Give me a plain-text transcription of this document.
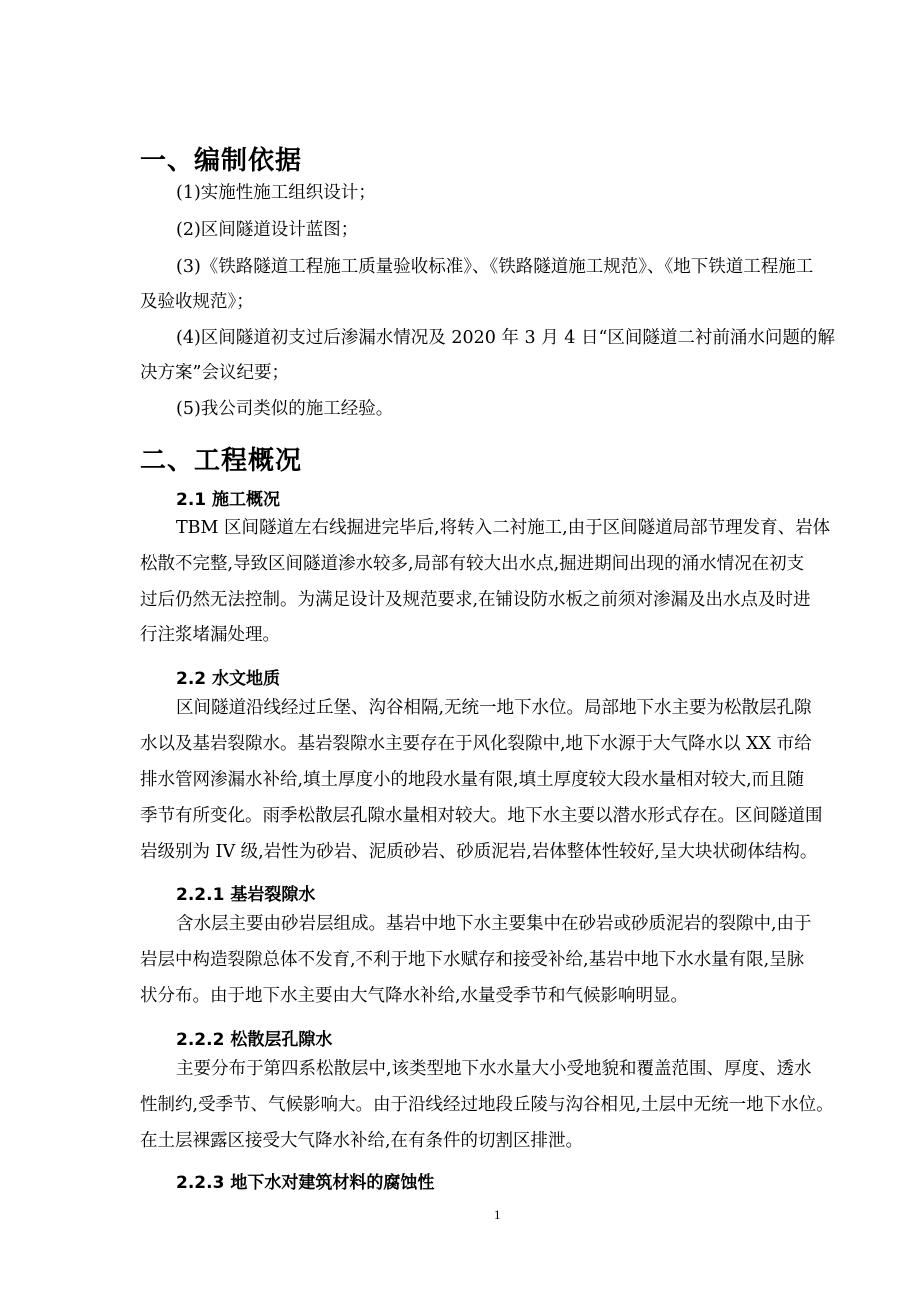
一、编制依据
(1)实施性施工组织设计；
(2)区间隧道设计蓝图；
(3)《铁路隧道工程施工质量验收标准》、《铁路隧道施工规范》、《地下铁道工程施工
及验收规范》；
(4)区间隧道初支过后渗漏水情况及 2020 年 3 月 4 日“区间隧道二衬前涌水问题的解
决方案”会议纪要；
(5)我公司类似的施工经验。
二、工程概况
2.1 施工概况
TBM 区间隧道左右线掘进完毕后,将转入二衬施工,由于区间隧道局部节理发育、岩体
松散不完整,导致区间隧道渗水较多,局部有较大出水点,掘进期间出现的涌水情况在初支
过后仍然无法控制。为满足设计及规范要求,在铺设防水板之前须对渗漏及出水点及时进
行注浆堵漏处理。
2.2 水文地质
区间隧道沿线经过丘堡、沟谷相隔,无统一地下水位。局部地下水主要为松散层孔隙
水以及基岩裂隙水。基岩裂隙水主要存在于风化裂隙中,地下水源于大气降水以 XX 市给
排水管网渗漏水补给,填土厚度小的地段水量有限,填土厚度较大段水量相对较大,而且随
季节有所变化。雨季松散层孔隙水量相对较大。地下水主要以潜水形式存在。区间隧道围
岩级别为 IV 级,岩性为砂岩、泥质砂岩、砂质泥岩,岩体整体性较好,呈大块状砌体结构。
2.2.1 基岩裂隙水
含水层主要由砂岩层组成。基岩中地下水主要集中在砂岩或砂质泥岩的裂隙中,由于
岩层中构造裂隙总体不发育,不利于地下水赋存和接受补给,基岩中地下水水量有限,呈脉
状分布。由于地下水主要由大气降水补给,水量受季节和气候影响明显。
2.2.2 松散层孔隙水
主要分布于第四系松散层中,该类型地下水水量大小受地貌和覆盖范围、厚度、透水
性制约,受季节、气候影响大。由于沿线经过地段丘陵与沟谷相见,土层中无统一地下水位。
在土层裸露区接受大气降水补给,在有条件的切割区排泄。
2.2.3 地下水对建筑材料的腐蚀性
1
